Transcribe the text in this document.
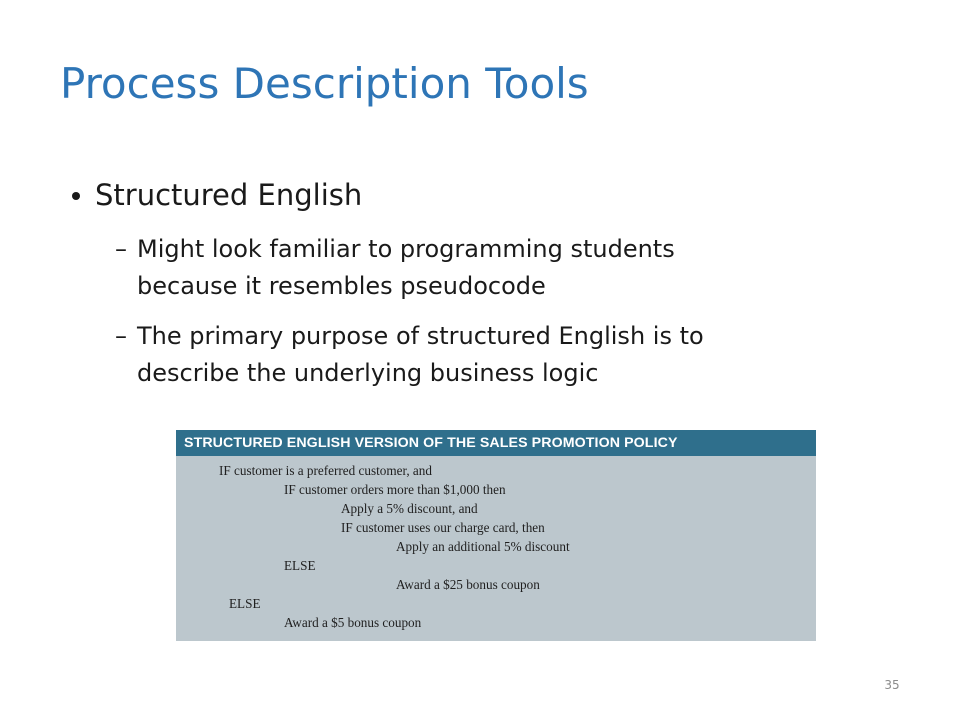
Process Description Tools
Structured English
– Might look familiar to programming students
because it resembles pseudocode
– The primary purpose of structured English is to
describe the underlying business logic
STRUCTURED ENGLISH VERSION OF THE SALES PROMOTION POLICY
IF customer is a preferred customer, and
IF customer orders more than $1,000 then
Apply a 5% discount, and
IF customer uses our charge card, then
Apply an additional 5% discount
ELSE
Award a $25 bonus coupon
ELSE
Award a $5 bonus coupon
35
